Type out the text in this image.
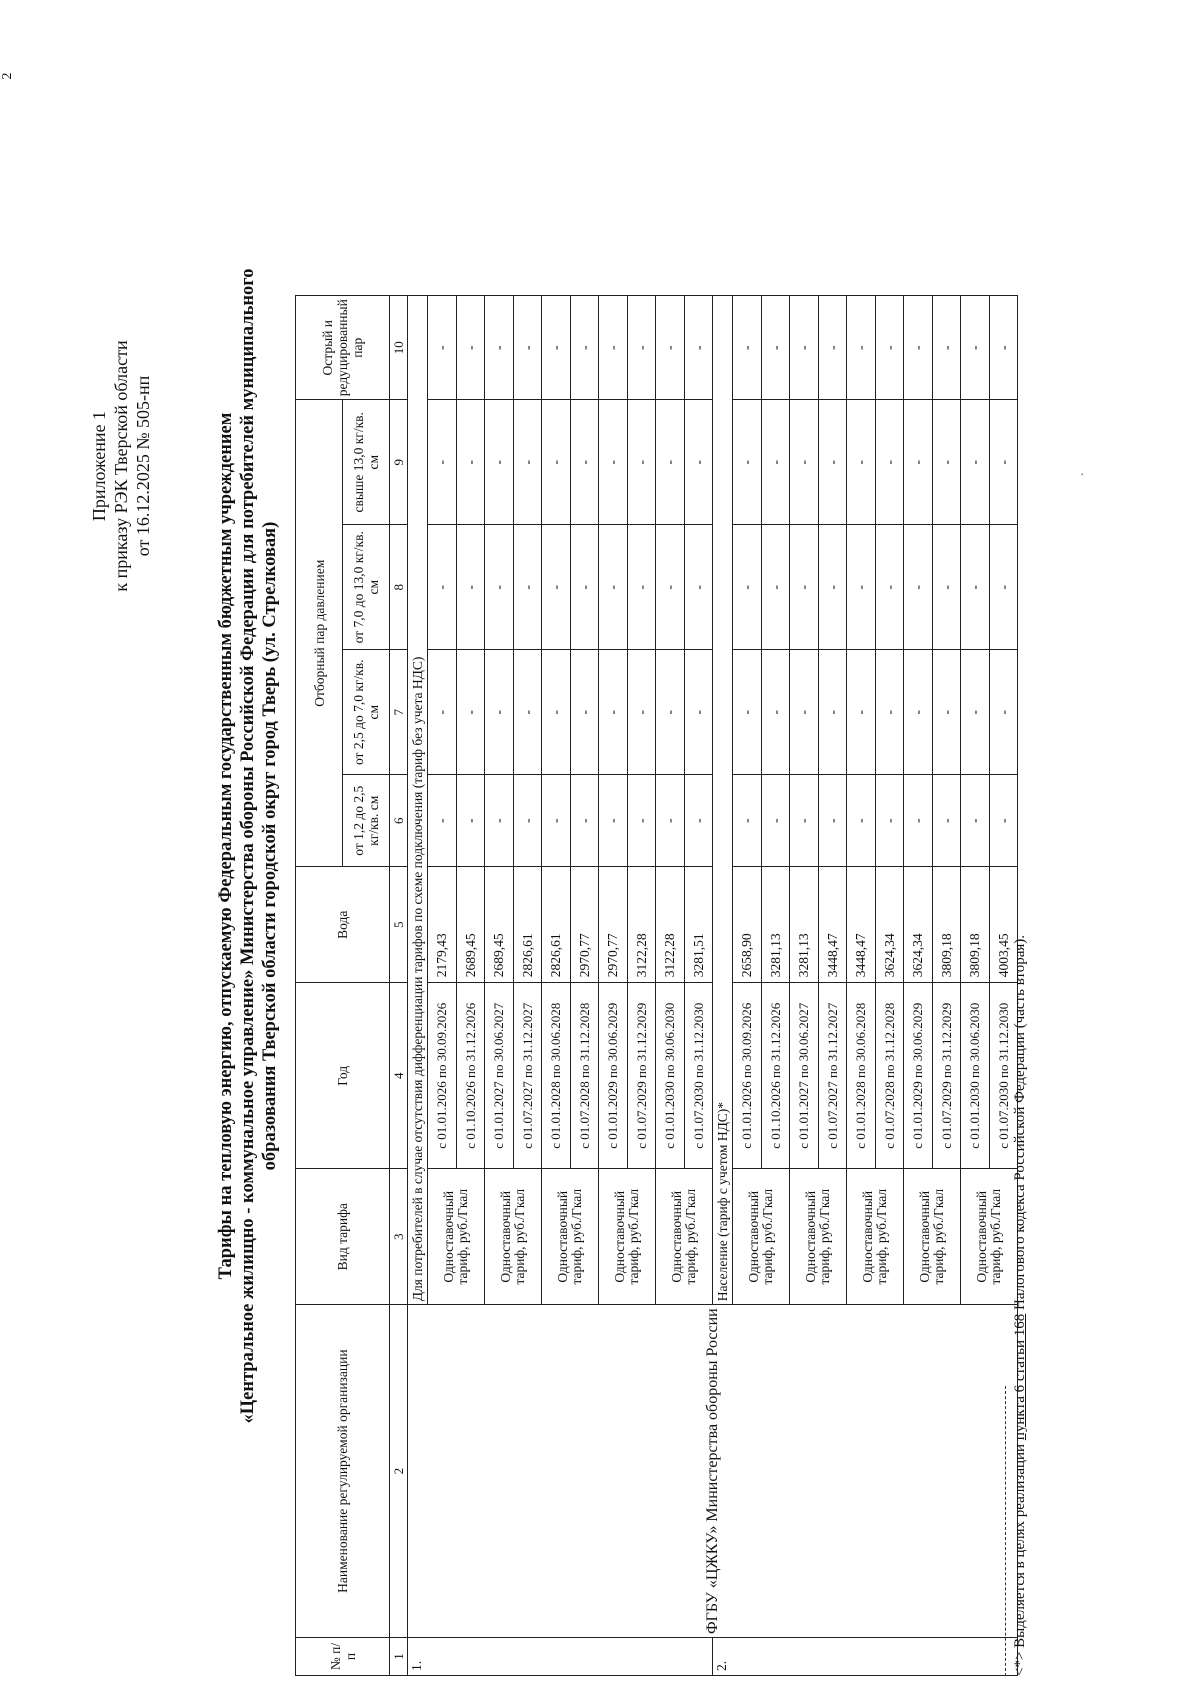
2
Приложение 1 к приказу РЭК Тверской области от 16.12.2025 № 505-нп	Тарифы на тепловую энергию, отпускаемую Федеральным государственным бюджетным учреждением «Центральное жилищно - коммунальное управление» Министерства обороны Российской Федерации для потребителей муниципального образования Тверской области городской округ город Тверь (ул. Стрелковая)
№ п/п	Наименование регулируемой организации	Вид тарифа	Год	Вода	Отборный пар давлением				Острый и редуцированный пар
					от 1,2 до 2,5 кг/кв. см	от 2,5 до 7,0 кг/кв. см	от 7,0 до 13,0 кг/кв. см	свыше 13,0 кг/кв. см	
1	2	3	4	5	6	7	8	9	10
1.	ФГБУ «ЦЖКУ» Министерства обороны России	Для потребителей в случае отсутствия дифференциации тарифов по схеме подключения (тариф без учета НДС)							

		Одноставочный тариф, руб./Гкал	с 01.01.2026 по 30.09.2026	2179,43	-	-	-	-	-
			с 01.10.2026 по 31.12.2026	2689,45	-	-	-	-	-

		Одноставочный тариф, руб./Гкал	с 01.01.2027 по 30.06.2027	2689,45	-	-	-	-	-
			с 01.07.2027 по 31.12.2027	2826,61	-	-	-	-	-

		Одноставочный тариф, руб./Гкал	с 01.01.2028 по 30.06.2028	2826,61	-	-	-	-	-
			с 01.07.2028 по 31.12.2028	2970,77	-	-	-	-	-

		Одноставочный тариф, руб./Гкал	с 01.01.2029 по 30.06.2029	2970,77	-	-	-	-	-
			с 01.07.2029 по 31.12.2029	3122,28	-	-	-	-	-

		Одноставочный тариф, руб./Гкал	с 01.01.2030 по 30.06.2030	3122,28	-	-	-	-	-
			с 01.07.2030 по 31.12.2030	3281,51	-	-	-	-	-
2.		Население (тариф с учетом НДС)*							

		Одноставочный тариф, руб./Гкал	с 01.01.2026 по 30.09.2026	2658,90	-	-	-	-	-
			с 01.10.2026 по 31.12.2026	3281,13	-	-	-	-	-

		Одноставочный тариф, руб./Гкал	с 01.01.2027 по 30.06.2027	3281,13	-	-	-	-	-
			с 01.07.2027 по 31.12.2027	3448,47	-	-	-	-	-

		Одноставочный тариф, руб./Гкал	с 01.01.2028 по 30.06.2028	3448,47	-	-	-	-	-
			с 01.07.2028 по 31.12.2028	3624,34	-	-	-	-	-

		Одноставочный тариф, руб./Гкал	с 01.01.2029 по 30.06.2029	3624,34	-	-	-	-	-
			с 01.07.2029 по 31.12.2029	3809,18	-	-	-	-	-

		Одноставочный тариф, руб./Гкал	с 01.01.2030 по 30.06.2030	3809,18	-	-	-	-	-
			с 01.07.2030 по 31.12.2030	4003,45	-	-	-	-	-
<*> Выделяется в целях реализации пункта 6 статьи 168 Налогового кодекса Российской Федерации (часть вторая).
.
